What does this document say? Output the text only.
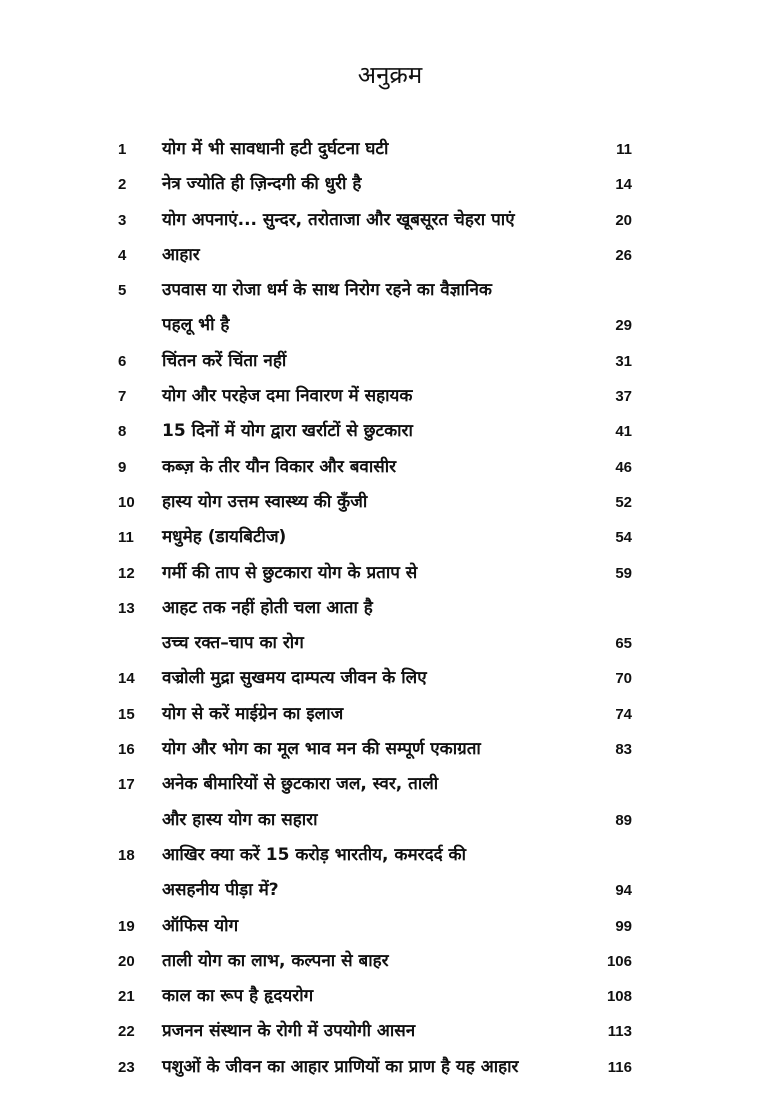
अनुक्रम
1	योग में भी सावधानी हटी दुर्घटना घटी	11
2	नेत्र ज्योति ही ज़िन्दगी की धुरी है	14
3	योग अपनाएं... सुन्दर, तरोताजा और खूबसूरत चेहरा पाएं	20
4	आहार	26
5	उपवास या रोजा धर्म के साथ निरोग रहने का वैज्ञानिक
पहलू भी है	29
6	चिंतन करें चिंता नहीं	31
7	योग और परहेज दमा निवारण में सहायक	37
8	15 दिनों में योग द्वारा खर्राटों से छुटकारा	41
9	कब्ज़ के तीर यौन विकार और बवासीर	46
10	हास्य योग उत्तम स्वास्थ्य की कुँजी	52
11	मधुमेह (डायबिटीज)	54
12	गर्मी की ताप से छुटकारा योग के प्रताप से	59
13	आहट तक नहीं होती चला आता है
उच्च रक्त–चाप का रोग	65
14	वज्रोली मुद्रा सुखमय दाम्पत्य जीवन के लिए	70
15	योग से करें माईग्रेन का इलाज	74
16	योग और भोग का मूल भाव मन की सम्पूर्ण एकाग्रता	83
17	अनेक बीमारियों से छुटकारा जल, स्वर, ताली
और हास्य योग का सहारा	89
18	आखिर क्या करें 15 करोड़ भारतीय, कमरदर्द की
असहनीय पीड़ा में?	94
19	ऑफिस योग	99
20	ताली योग का लाभ, कल्पना से बाहर	106
21	काल का रूप है हृदयरोग	108
22	प्रजनन संस्थान के रोगी में उपयोगी आसन	113
23	पशुओं के जीवन का आहार प्राणियों का प्राण है यह आहार	116
